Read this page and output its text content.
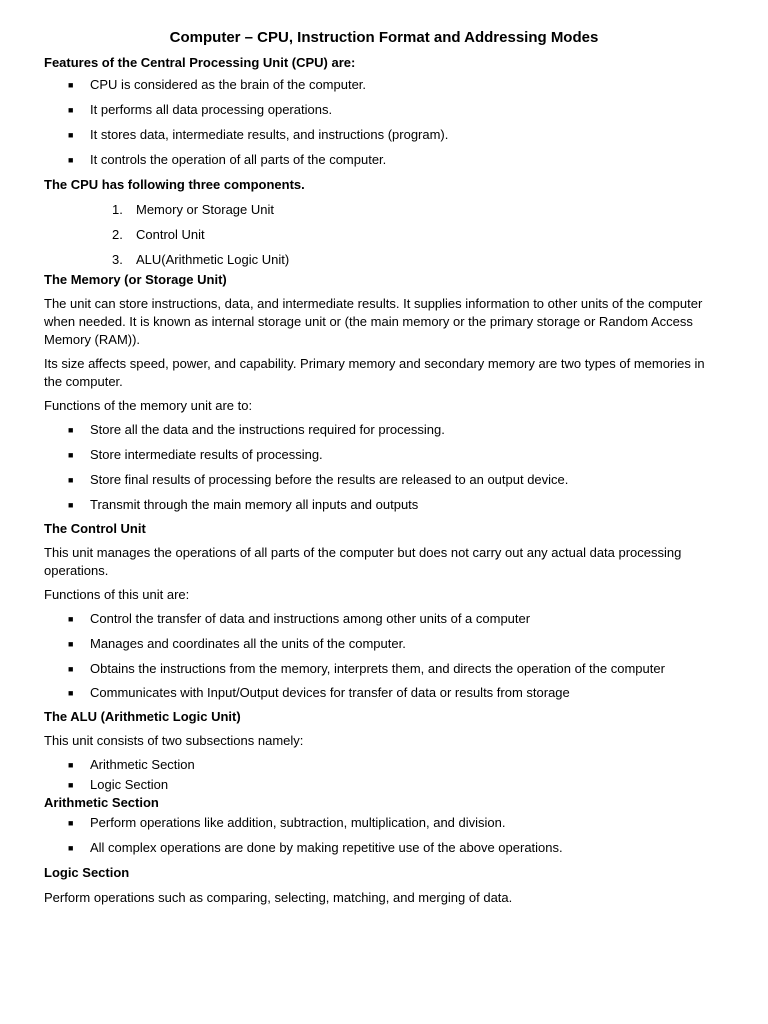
Computer – CPU, Instruction Format and Addressing Modes
Features of the Central Processing Unit (CPU) are:
■ CPU is considered as the brain of the computer.
■ It performs all data processing operations.
■ It stores data, intermediate results, and instructions (program).
■ It controls the operation of all parts of the computer.
The CPU has following three components.
1. Memory or Storage Unit
2. Control Unit
3. ALU(Arithmetic Logic Unit)
The Memory (or Storage Unit)

The unit can store instructions, data, and intermediate results. It supplies information to other units of the computer when needed. It is known as internal storage unit or (the main memory or the primary storage or Random Access Memory (RAM)).

Its size affects speed, power, and capability. Primary memory and secondary memory are two types of memories in the computer.

Functions of the memory unit are to:

■ Store all the data and the instructions required for processing.
■ Store intermediate results of processing.
■ Store final results of processing before the results are released to an output device.
■ Transmit through the main memory all inputs and outputs
The Control Unit

This unit manages the operations of all parts of the computer but does not carry out any actual data processing operations.

Functions of this unit are:

■ Control the transfer of data and instructions among other units of a computer
■ Manages and coordinates all the units of the computer.
■ Obtains the instructions from the memory, interprets them, and directs the operation of the computer
■ Communicates with Input/Output devices for transfer of data or results from storage
The ALU (Arithmetic Logic Unit)

This unit consists of two subsections namely:

■ Arithmetic Section
■ Logic Section
Arithmetic Section
■ Perform operations like addition, subtraction, multiplication, and division.
■ All complex operations are done by making repetitive use of the above operations.
Logic Section

Perform operations such as comparing, selecting, matching, and merging of data.
